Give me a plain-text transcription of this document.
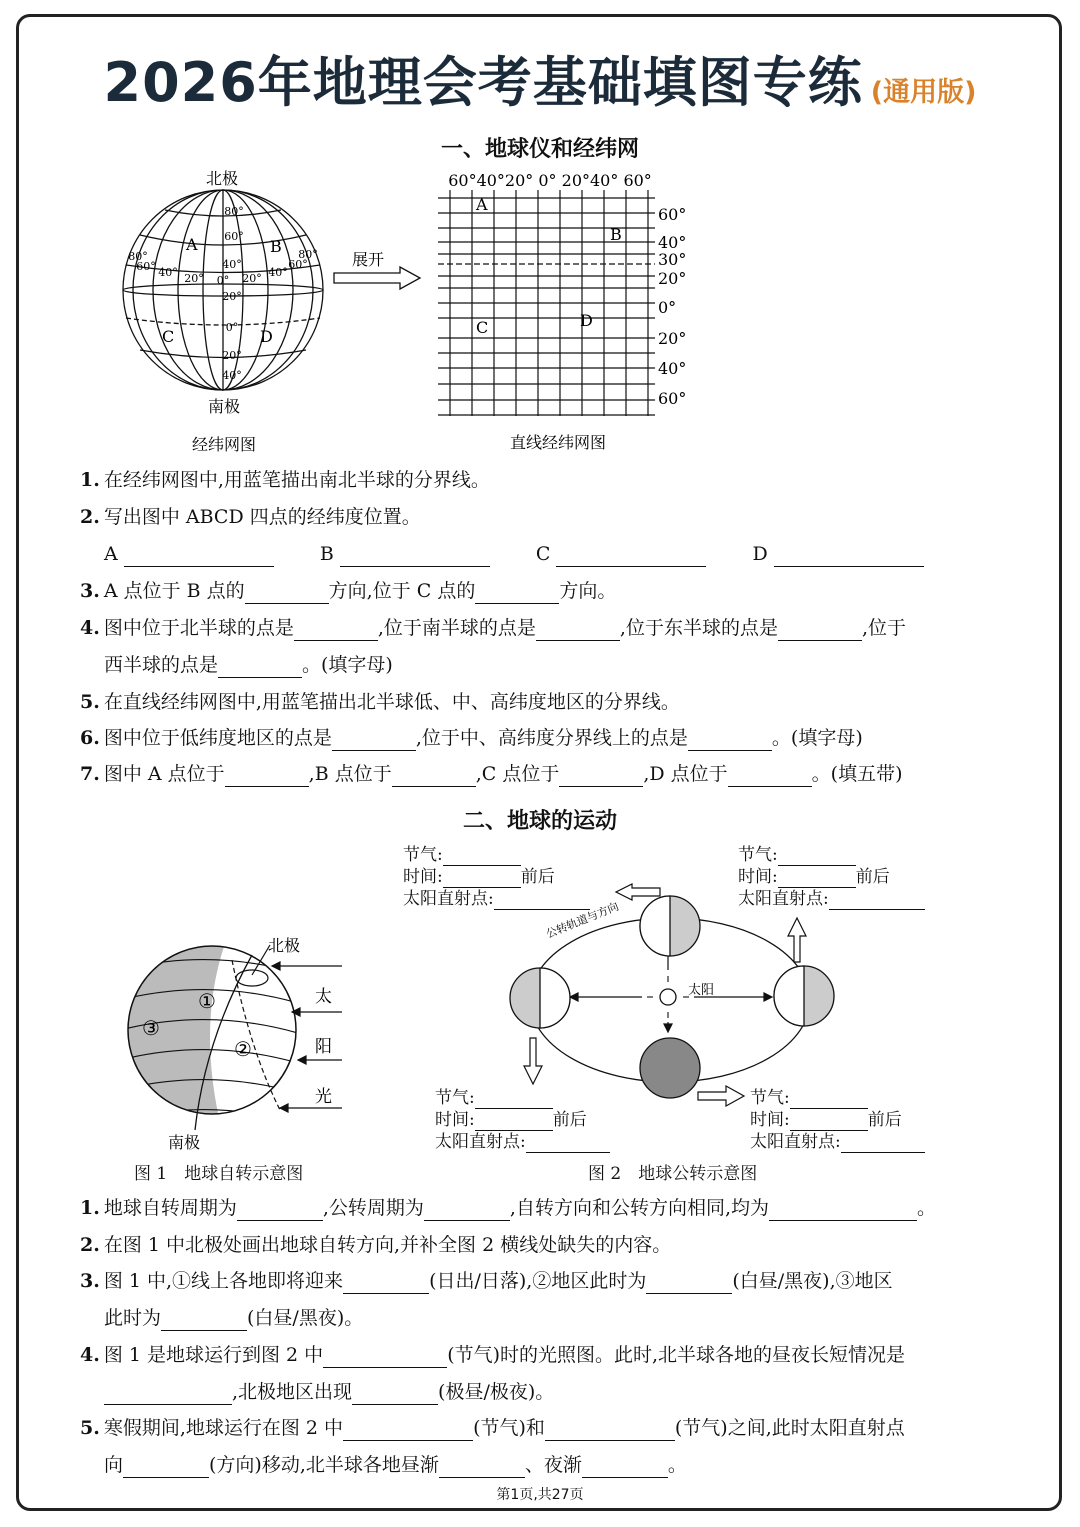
2026年地理会考基础填图专练 (通用版)
一、地球仪和经纬网
北极
80°
60°
40°
20°
0°
20°
40°
80°
60° 40° 20° 0° 20° 40°
60°
80°
A	B
C	D
南极
经纬网图
展开
60°40°20° 0° 20°40° 60°
A
B
C	D
60°
40°
30°
20°
0°
20°
40°
60°
直线经纬网图
1. 在经纬网图中,用蓝笔描出南北半球的分界线。
2. 写出图中 ABCD 四点的经纬度位置。
A	B	C	D
3. A 点位于 B 点的	方向,位于 C 点的	方向。
4. 图中位于北半球的点是	,位于南半球的点是	,位于东半球的点是	,位于
西半球的点是	。(填字母)
5. 在直线经纬网图中,用蓝笔描出北半球低、中、高纬度地区的分界线。
6. 图中位于低纬度地区的点是	,位于中、高纬度分界线上的点是	。(填字母)
7. 图中 A 点位于	,B 点位于	,C 点位于	,D 点位于	。(填五带)
二、地球的运动
北极
①
②
③
太
阳
光
南极
图 1　地球自转示意图
公转轨道与方向
太阳
节气:
时间:	前后
太阳直射点:
节气:
时间:	前后
太阳直射点:
节气:
时间:	前后
太阳直射点:
节气:
时间:	前后
太阳直射点:
图 2　地球公转示意图
1. 地球自转周期为	,公转周期为	,自转方向和公转方向相同,均为	。
2. 在图 1 中北极处画出地球自转方向,并补全图 2 横线处缺失的内容。
3. 图 1 中,①线上各地即将迎来	(日出/日落),②地区此时为	(白昼/黑夜),③地区
此时为	(白昼/黑夜)。
4. 图 1 是地球运行到图 2 中	(节气)时的光照图。此时,北半球各地的昼夜长短情况是
,北极地区出现	(极昼/极夜)。
5. 寒假期间,地球运行在图 2 中	(节气)和	(节气)之间,此时太阳直射点
向	(方向)移动,北半球各地昼渐	、夜渐	。
第1页,共27页
